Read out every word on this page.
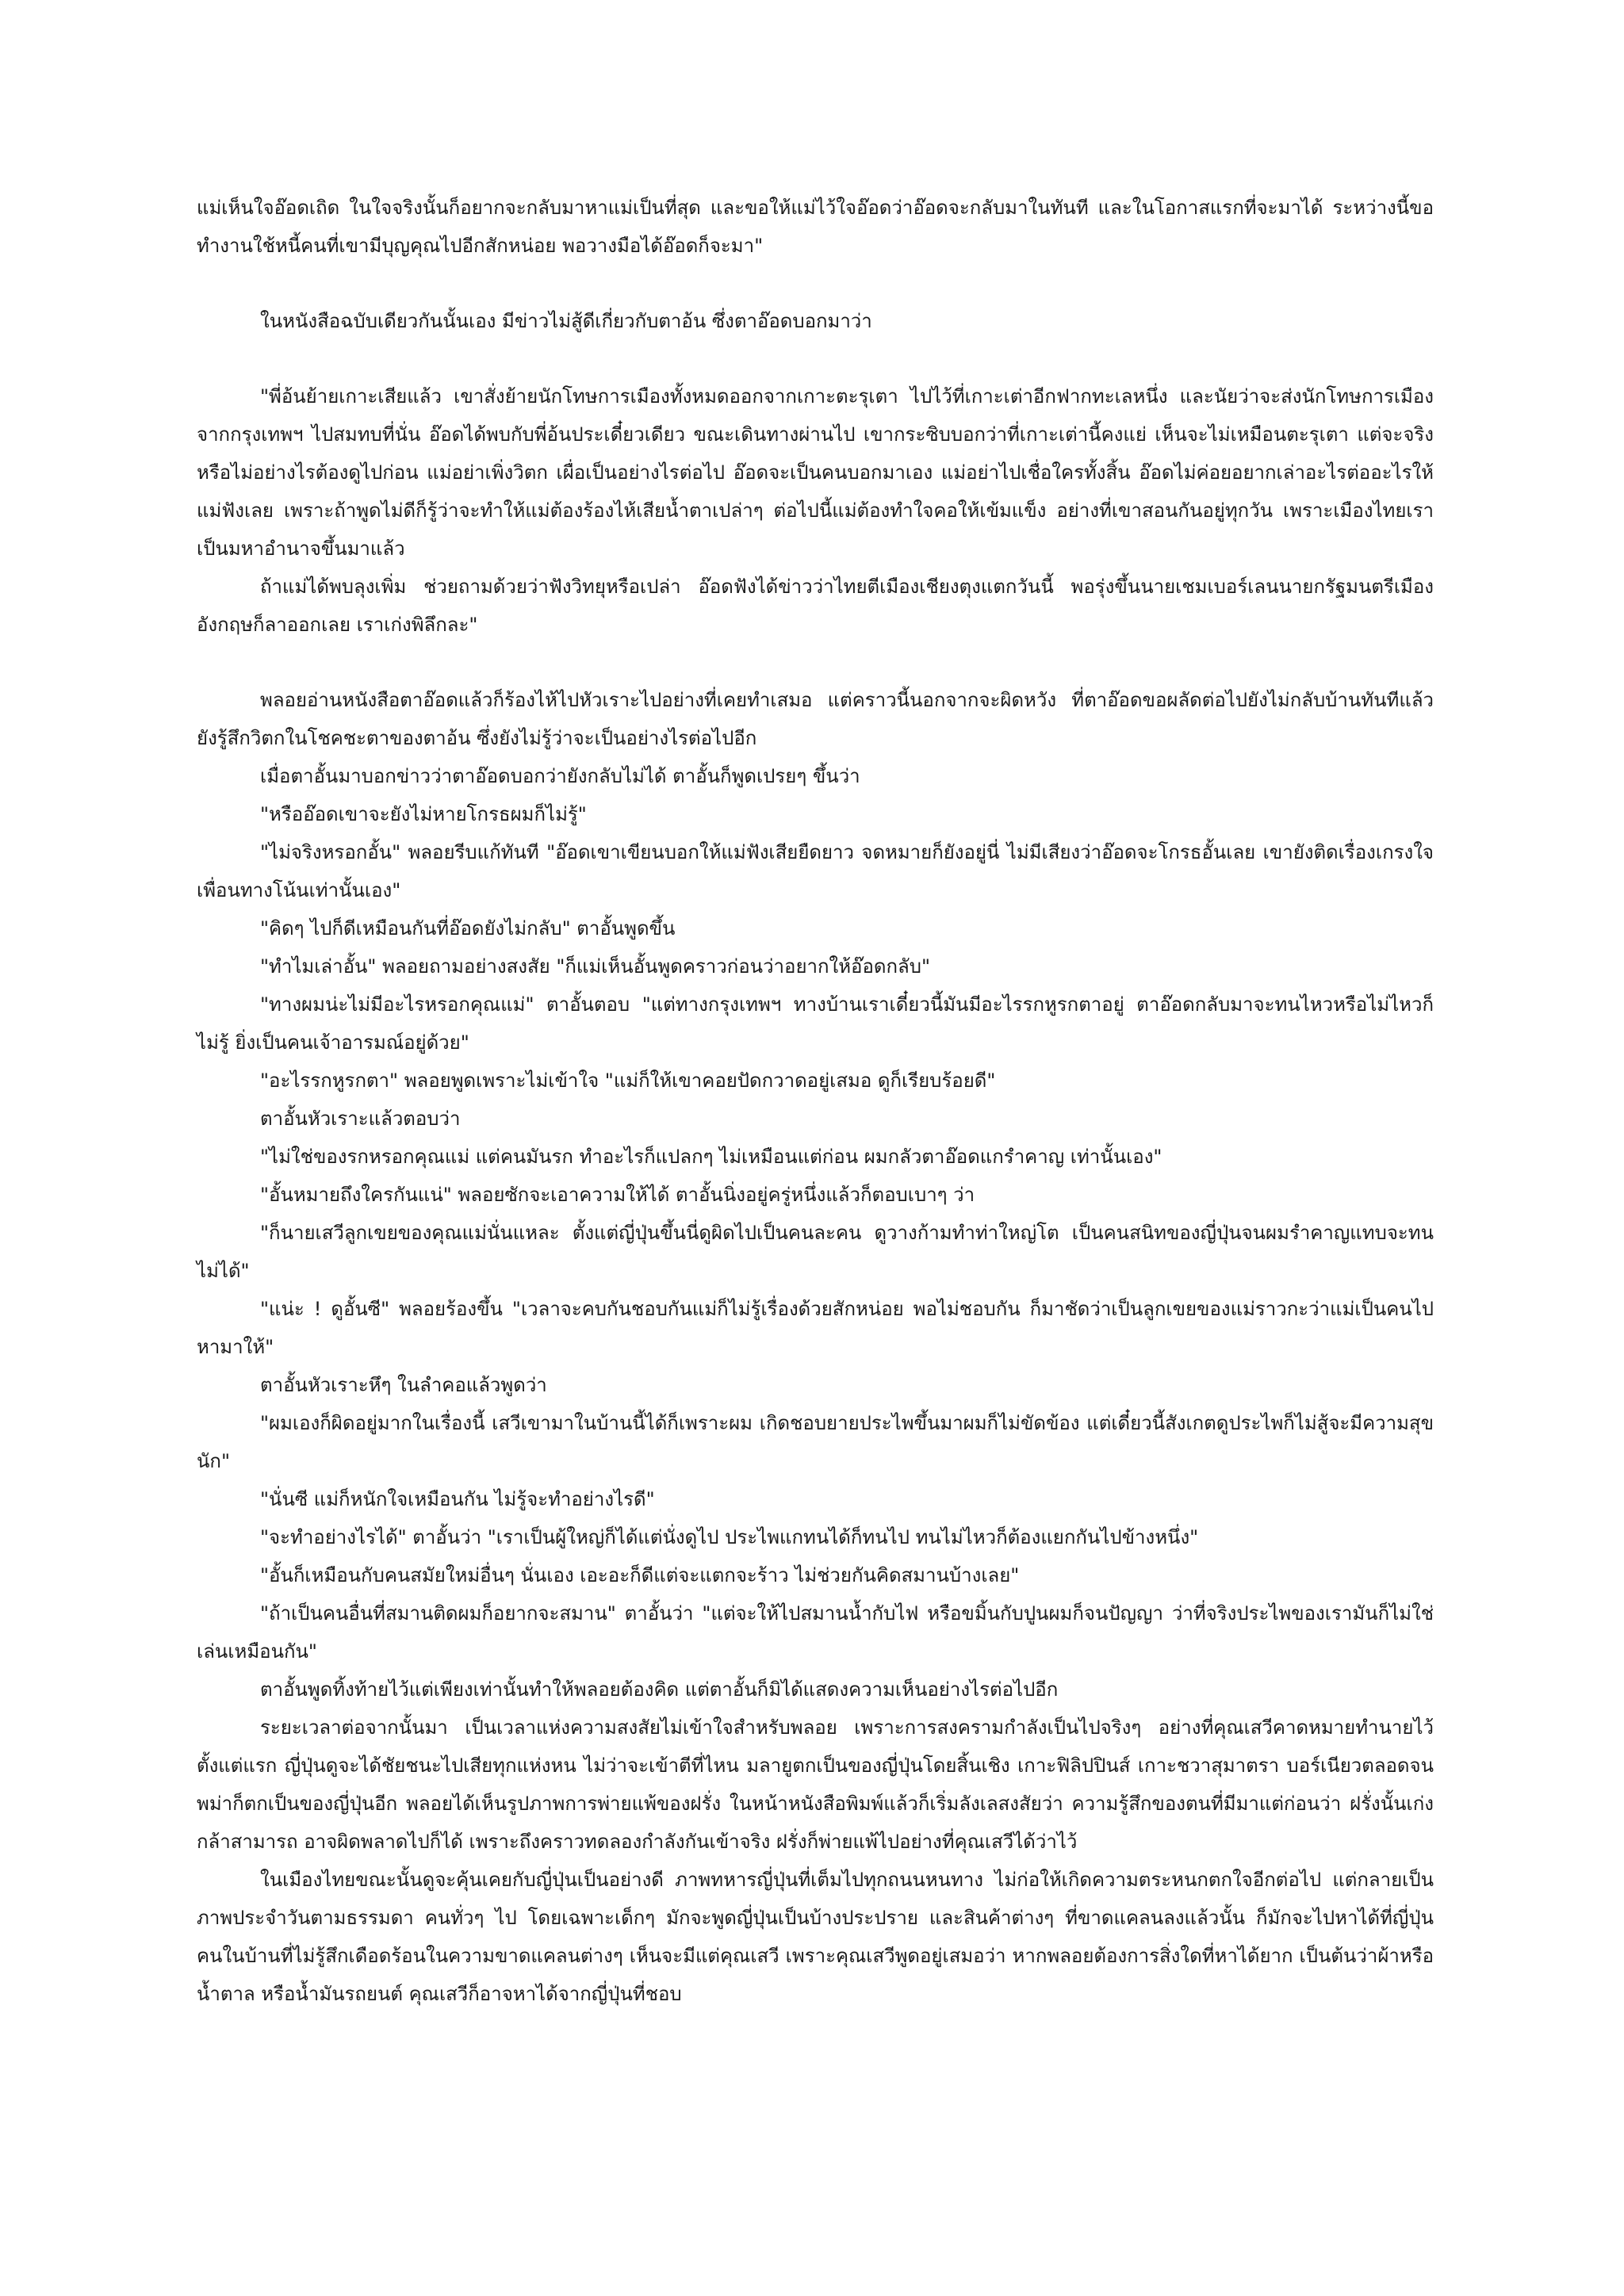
แม่เห็นใจอ๊อดเถิด ในใจจริงนั้นก็อยากจะกลับมาหาแม่เป็นที่สุด และขอให้แม่ไว้ใจอ๊อดว่าอ๊อดจะกลับมาในทันที และในโอกาสแรกที่จะมาได้ ระหว่างนี้ขอทำงานใช้หนี้คนที่เขามีบุญคุณไปอีกสักหน่อย พอวางมือได้อ๊อดก็จะมา"

ในหนังสือฉบับเดียวกันนั้นเอง มีข่าวไม่สู้ดีเกี่ยวกับตาอ้น ซึ่งตาอ๊อดบอกมาว่า

"พี่อ้นย้ายเกาะเสียแล้ว เขาสั่งย้ายนักโทษการเมืองทั้งหมดออกจากเกาะตะรุเตา ไปไว้ที่เกาะเต่าอีกฟากทะเลหนึ่ง และนัยว่าจะส่งนักโทษการเมืองจากกรุงเทพฯ ไปสมทบที่นั่น อ๊อดได้พบกับพี่อ้นประเดี๋ยวเดียว ขณะเดินทางผ่านไป เขากระซิบบอกว่าที่เกาะเต่านี้คงแย่ เห็นจะไม่เหมือนตะรุเตา แต่จะจริงหรือไม่อย่างไรต้องดูไปก่อน แม่อย่าเพิ่งวิตก เผื่อเป็นอย่างไรต่อไป อ๊อดจะเป็นคนบอกมาเอง แม่อย่าไปเชื่อใครทั้งสิ้น อ๊อดไม่ค่อยอยากเล่าอะไรต่ออะไรให้แม่ฟังเลย เพราะถ้าพูดไม่ดีก็รู้ว่าจะทำให้แม่ต้องร้องไห้เสียน้ำตาเปล่าๆ ต่อไปนี้แม่ต้องทำใจคอให้เข้มแข็ง อย่างที่เขาสอนกันอยู่ทุกวัน เพราะเมืองไทยเราเป็นมหาอำนาจขึ้นมาแล้ว

ถ้าแม่ได้พบลุงเพิ่ม ช่วยถามด้วยว่าฟังวิทยุหรือเปล่า อ๊อดฟังได้ข่าวว่าไทยตีเมืองเชียงตุงแตกวันนี้ พอรุ่งขึ้นนายเชมเบอร์เลนนายกรัฐมนตรีเมืองอังกฤษก็ลาออกเลย เราเก่งพิลึกละ"

พลอยอ่านหนังสือตาอ๊อดแล้วก็ร้องไห้ไปหัวเราะไปอย่างที่เคยทำเสมอ แต่คราวนี้นอกจากจะผิดหวัง ที่ตาอ๊อดขอผลัดต่อไปยังไม่กลับบ้านทันทีแล้ว ยังรู้สึกวิตกในโชคชะตาของตาอ้น ซึ่งยังไม่รู้ว่าจะเป็นอย่างไรต่อไปอีก

เมื่อตาอั้นมาบอกข่าวว่าตาอ๊อดบอกว่ายังกลับไม่ได้ ตาอั้นก็พูดเปรยๆ ขึ้นว่า

"หรืออ๊อดเขาจะยังไม่หายโกรธผมก็ไม่รู้"

"ไม่จริงหรอกอั้น" พลอยรีบแก้ทันที "อ๊อดเขาเขียนบอกให้แม่ฟังเสียยืดยาว จดหมายก็ยังอยู่นี่ ไม่มีเสียงว่าอ๊อดจะโกรธอั้นเลย เขายังติดเรื่องเกรงใจเพื่อนทางโน้นเท่านั้นเอง"

"คิดๆ ไปก็ดีเหมือนกันที่อ๊อดยังไม่กลับ" ตาอั้นพูดขึ้น

"ทำไมเล่าอั้น" พลอยถามอย่างสงสัย "ก็แม่เห็นอั้นพูดคราวก่อนว่าอยากให้อ๊อดกลับ"

"ทางผมน่ะไม่มีอะไรหรอกคุณแม่" ตาอั้นตอบ "แต่ทางกรุงเทพฯ ทางบ้านเราเดี๋ยวนี้มันมีอะไรรกหูรกตาอยู่ ตาอ๊อดกลับมาจะทนไหวหรือไม่ไหวก็ไม่รู้ ยิ่งเป็นคนเจ้าอารมณ์อยู่ด้วย"

"อะไรรกหูรกตา" พลอยพูดเพราะไม่เข้าใจ "แม่ก็ให้เขาคอยปัดกวาดอยู่เสมอ ดูก็เรียบร้อยดี"

ตาอั้นหัวเราะแล้วตอบว่า

"ไม่ใช่ของรกหรอกคุณแม่ แต่คนมันรก ทำอะไรก็แปลกๆ ไม่เหมือนแต่ก่อน ผมกลัวตาอ๊อดแกรำคาญ เท่านั้นเอง"

"อั้นหมายถึงใครกันแน่" พลอยซักจะเอาความให้ได้ ตาอั้นนิ่งอยู่ครู่หนึ่งแล้วก็ตอบเบาๆ ว่า

"ก็นายเสวีลูกเขยของคุณแม่นั่นแหละ ตั้งแต่ญี่ปุ่นขึ้นนี่ดูผิดไปเป็นคนละคน ดูวางก้ามทำท่าใหญ่โต เป็นคนสนิทของญี่ปุ่นจนผมรำคาญแทบจะทนไม่ได้"

"แน่ะ ! ดูอั้นซี" พลอยร้องขึ้น "เวลาจะคบกันชอบกันแม่ก็ไม่รู้เรื่องด้วยสักหน่อย พอไม่ชอบกัน ก็มาชัดว่าเป็นลูกเขยของแม่ราวกะว่าแม่เป็นคนไปหามาให้"

ตาอั้นหัวเราะหึๆ ในลำคอแล้วพูดว่า

"ผมเองก็ผิดอยู่มากในเรื่องนี้ เสวีเขามาในบ้านนี้ได้ก็เพราะผม เกิดชอบยายประไพขึ้นมาผมก็ไม่ขัดข้อง แต่เดี๋ยวนี้สังเกตดูประไพก็ไม่สู้จะมีความสุขนัก"

"นั่นซี แม่ก็หนักใจเหมือนกัน ไม่รู้จะทำอย่างไรดี"

"จะทำอย่างไรได้" ตาอั้นว่า "เราเป็นผู้ใหญ่ก็ได้แต่นั่งดูไป ประไพแกทนได้ก็ทนไป ทนไม่ไหวก็ต้องแยกกันไปข้างหนึ่ง"

"อั้นก็เหมือนกับคนสมัยใหม่อื่นๆ นั่นเอง เอะอะก็ดีแต่จะแตกจะร้าว ไม่ช่วยกันคิดสมานบ้างเลย"

"ถ้าเป็นคนอื่นที่สมานติดผมก็อยากจะสมาน" ตาอั้นว่า "แต่จะให้ไปสมานน้ำกับไฟ หรือขมิ้นกับปูนผมก็จนปัญญา ว่าที่จริงประไพของเรามันก็ไม่ใช่เล่นเหมือนกัน"

ตาอั้นพูดทิ้งท้ายไว้แต่เพียงเท่านั้นทำให้พลอยต้องคิด แต่ตาอั้นก็มิได้แสดงความเห็นอย่างไรต่อไปอีก

ระยะเวลาต่อจากนั้นมา เป็นเวลาแห่งความสงสัยไม่เข้าใจสำหรับพลอย เพราะการสงครามกำลังเป็นไปจริงๆ อย่างที่คุณเสวีคาดหมายทำนายไว้ตั้งแต่แรก ญี่ปุ่นดูจะได้ชัยชนะไปเสียทุกแห่งหน ไม่ว่าจะเข้าตีที่ไหน มลายูตกเป็นของญี่ปุ่นโดยสิ้นเชิง เกาะฟิลิปปินส์ เกาะชวาสุมาตรา บอร์เนียวตลอดจนพม่าก็ตกเป็นของญี่ปุ่นอีก พลอยได้เห็นรูปภาพการพ่ายแพ้ของฝรั่ง ในหน้าหนังสือพิมพ์แล้วก็เริ่มลังเลสงสัยว่า ความรู้สึกของตนที่มีมาแต่ก่อนว่า ฝรั่งนั้นเก่งกล้าสามารถ อาจผิดพลาดไปก็ได้ เพราะถึงคราวทดลองกำลังกันเข้าจริง ฝรั่งก็พ่ายแพ้ไปอย่างที่คุณเสวีได้ว่าไว้

ในเมืองไทยขณะนั้นดูจะคุ้นเคยกับญี่ปุ่นเป็นอย่างดี ภาพทหารญี่ปุ่นที่เต็มไปทุกถนนหนทาง ไม่ก่อให้เกิดความตระหนกตกใจอีกต่อไป แต่กลายเป็นภาพประจำวันตามธรรมดา คนทั่วๆ ไป โดยเฉพาะเด็กๆ มักจะพูดญี่ปุ่นเป็นบ้างประปราย และสินค้าต่างๆ ที่ขาดแคลนลงแล้วนั้น ก็มักจะไปหาได้ที่ญี่ปุ่น คนในบ้านที่ไม่รู้สึกเดือดร้อนในความขาดแคลนต่างๆ เห็นจะมีแต่คุณเสวี เพราะคุณเสวีพูดอยู่เสมอว่า หากพลอยต้องการสิ่งใดที่หาได้ยาก เป็นต้นว่าผ้าหรือน้ำตาล หรือน้ำมันรถยนต์ คุณเสวีก็อาจหาได้จากญี่ปุ่นที่ชอบ
